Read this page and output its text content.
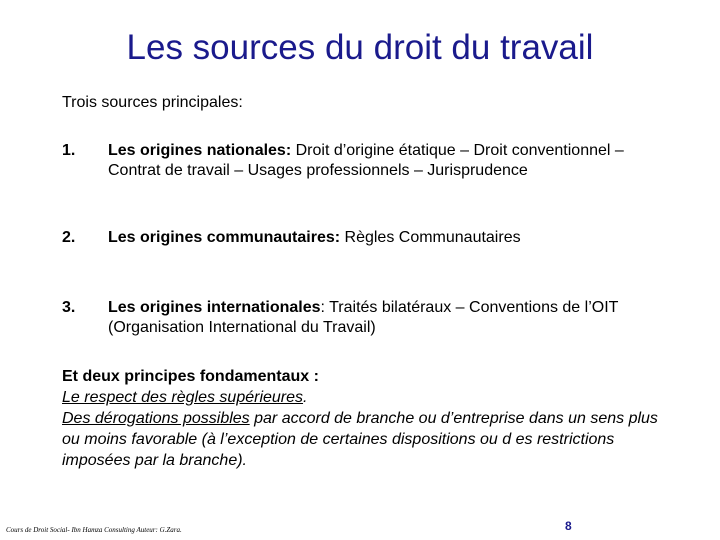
Les sources du droit du travail

Trois sources principales:

1. Les origines nationales: Droit d’origine étatique – Droit conventionnel – Contrat de travail – Usages professionnels – Jurisprudence
2. Les origines communautaires: Règles Communautaires
3. Les origines internationales: Traités bilatéraux – Conventions de l’OIT (Organisation International du Travail)
Et deux principes fondamentaux :
Le respect des règles supérieures.
Des dérogations possibles par accord de branche ou d’entreprise dans un sens plus ou moins favorable (à l’exception de certaines dispositions ou d es restrictions imposées par la branche).
Cours de Droit Social- Ibn Hamza Consulting Auteur: G.Zara.	8
